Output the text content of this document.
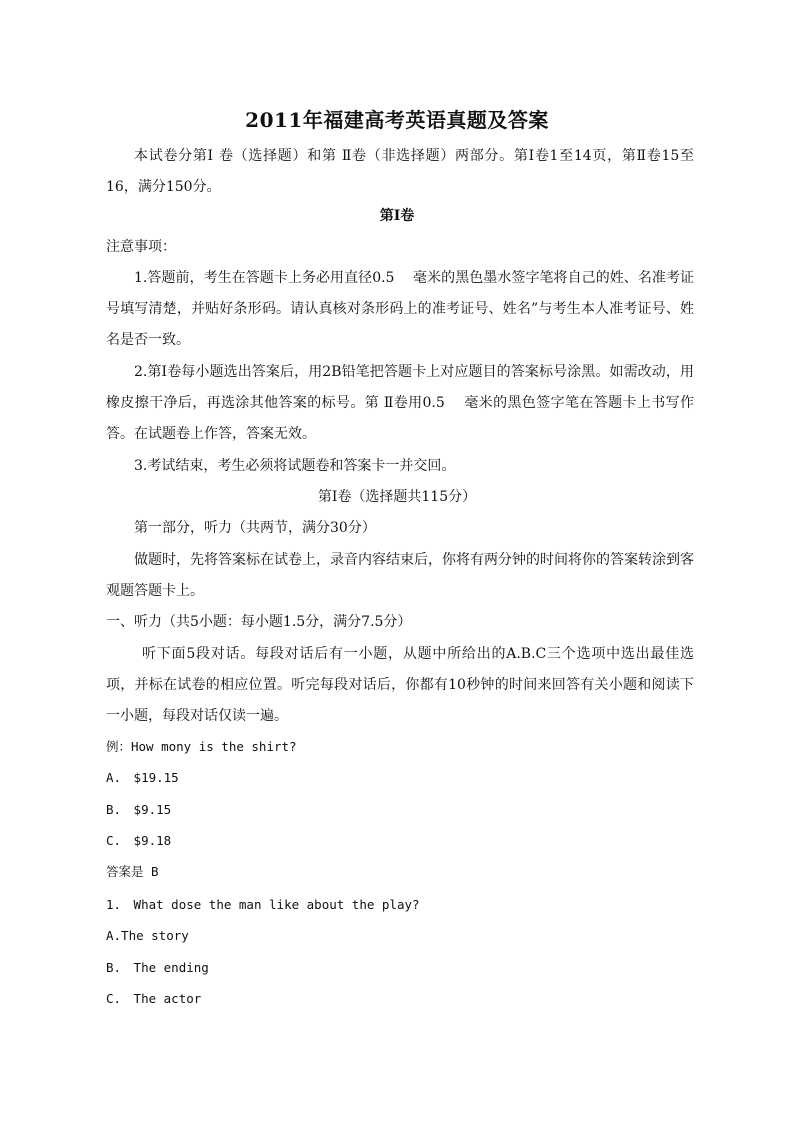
2011年福建高考英语真题及答案
本试卷分第Ⅰ 卷（选择题）和第 Ⅱ卷（非选择题）两部分。第Ⅰ卷1至14页，第Ⅱ卷15至16，满分150分。
第Ⅰ卷
注意事项：
1.答题前，考生在答题卡上务必用直径0.5　 毫米的黑色墨水签字笔将自己的姓、名准考证号填写清楚，并贴好条形码。请认真核对条形码上的准考证号、姓名”与考生本人准考证号、姓名是否一致。
2.第Ⅰ卷每小题选出答案后，用2B铅笔把答题卡上对应题目的答案标号涂黑。如需改动，用橡皮擦干净后，再选涂其他答案的标号。第 Ⅱ卷用0.5　 毫米的黑色签字笔在答题卡上书写作答。在试题卷上作答，答案无效。
3.考试结束，考生必须将试题卷和答案卡一并交回。
第Ⅰ卷（选择题共115分）
第一部分，听力（共两节，满分30分）
做题时，先将答案标在试卷上，录音内容结束后，你将有两分钟的时间将你的答案转涂到客观题答题卡上。
一、听力（共5小题：每小题1.5分，满分7.5分）
听下面5段对话。每段对话后有一小题，从题中所给出的A.B.C三个选项中选出最佳选项，并标在试卷的相应位置。听完每段对话后，你都有10秒钟的时间来回答有关小题和阅读下一小题，每段对话仅读一遍。
例：How mony is the shirt?
A.　$19.15
B.　$9.15
C.　$9.18
答案是 B
1.　What dose the man like about the play?
A.The story
B.　The ending
C.　The actor
